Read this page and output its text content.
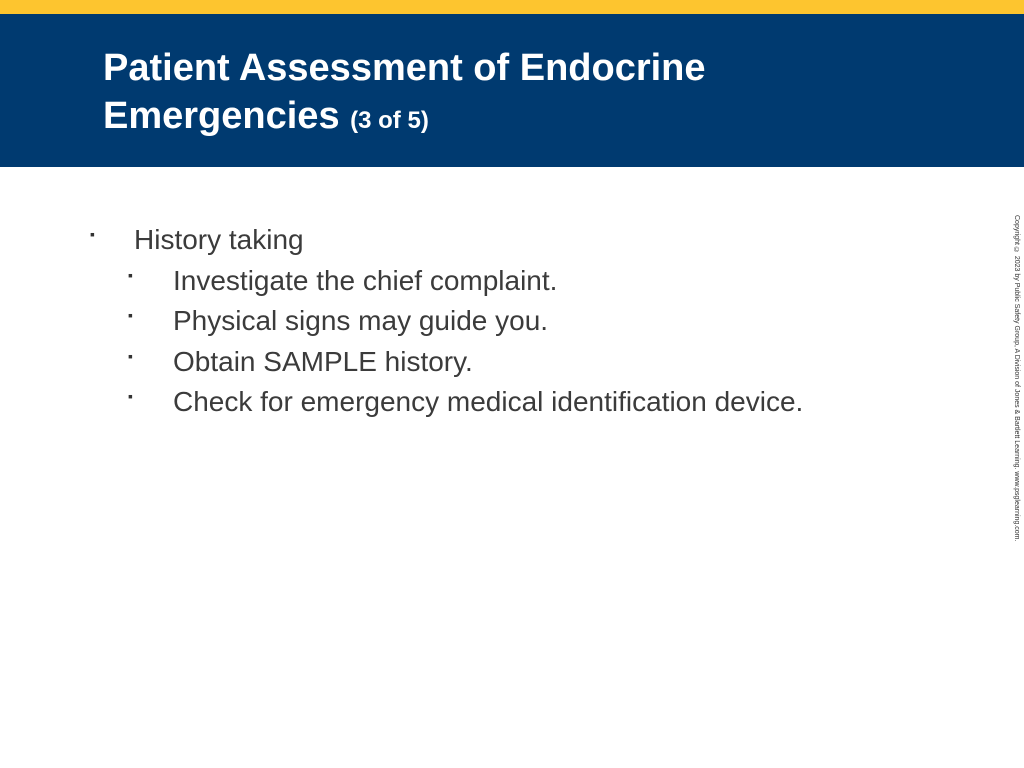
Patient Assessment of Endocrine Emergencies (3 of 5)
▪ History taking
▪ Investigate the chief complaint.
▪ Physical signs may guide you.
▪ Obtain SAMPLE history.
▪ Check for emergency medical identification device.	Copyright © 2023 by Public Safety Group, A Division of Jones & Bartlett Learning. www.psglearning.com.
